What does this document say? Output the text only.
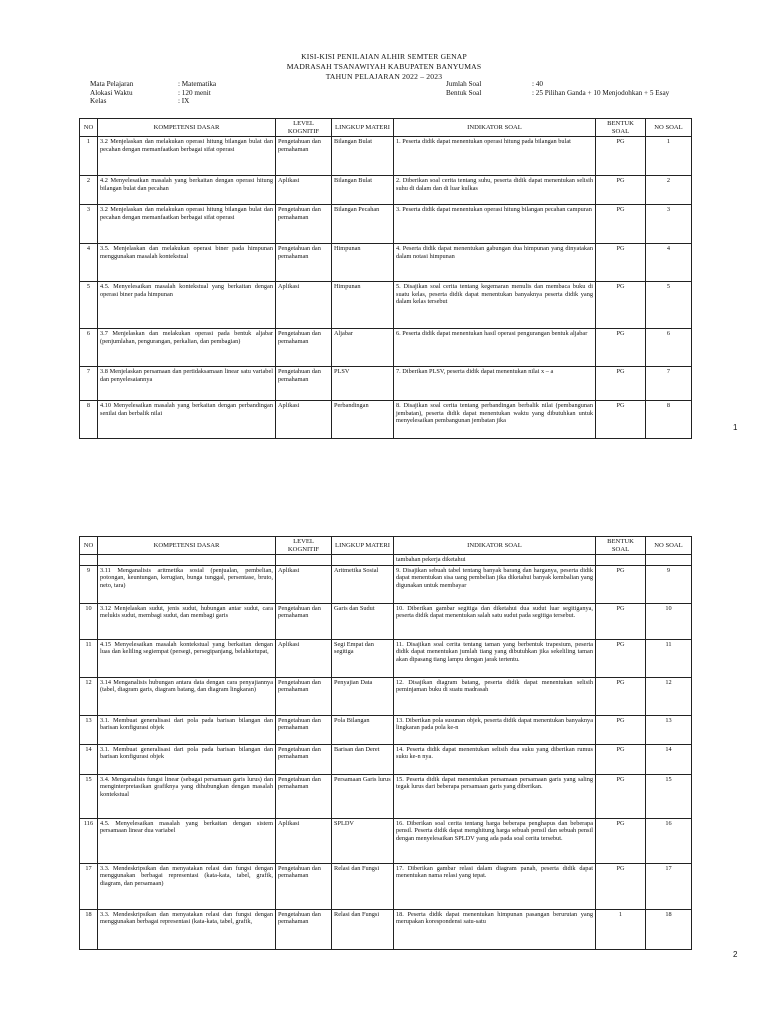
KISI-KISI PENILAIAN ALHIR SEMTER GENAP
MADRASAH TSANAWIYAH KABUPATEN BANYUMAS
TAHUN PELAJARAN 2022 – 2023
Mata Pelajaran	: Matematika
Alokasi Waktu	: 120 menit
Kelas	: IX
Jumlah Soal	: 40
Bentuk Soal	: 25 Pilihan Ganda + 10 Menjodohkan + 5 Esay
NO	KOMPETENSI DASAR	LEVEL KOGNITIF	LINGKUP MATERI	INDIKATOR SOAL	BENTUK SOAL	NO SOAL
1	3.2 Menjelaskan dan melakukan operasi hitung bilangan bulat dan pecahan dengan memanfaatkan berbagai sifat operasi	Pengetahuan dan pemahaman	Bilangan Bulat	1. Peserta didik dapat menentukan operasi hitung pada bilangan bulat	PG	1
2	4.2 Menyelesaikan masalah yang berkaitan dengan operasi hitung bilangan bulat dan pecahan	Aplikasi	Bilangan Bulat	2. Diberikan soal cerita tentang suhu, peserta didik dapat menentukan selisih suhu di dalam dan di luar kulkas	PG	2
3	3.2 Menjelaskan dan melakukan operasi hitung bilangan bulat dan pecahan dengan memanfaatkan berbagai sifat operasi	Pengetahuan dan pemahaman	Bilangan Pecahan	3. Peserta didik dapat menentukan operasi hitung bilangan pecahan campuran	PG	3
4	3.5. Menjelaskan dan melakukan operasi biner pada himpunan menggunakan masalah kontekstual	Pengetahuan dan pemahaman	Himpunan	4. Peserta didik dapat menentukan gabungan dua himpunan yang dinyatakan dalam notasi himpunan	PG	4
5	4.5. Menyelesaikan masalah kontekstual yang berkaitan dengan operasi biner pada himpunan	Aplikasi	Himpunan	5. Disajikan soal cerita tentang kegemaran menulis dan membaca buku di suatu kelas, peserta didik dapat menentukan banyaknya peserta didik yang dalam kelas tersebut	PG	5
6	3.7 Menjelaskan dan melakukan operasi pada bentuk aljabar (penjumlahan, pengurangan, perkalian, dan pembagian)	Pengetahuan dan pemahaman	Aljabar	6. Peserta didik dapat menentukan hasil operasi pengurangan bentuk aljabar	PG	6
7	3.8 Menjelaskan persamaan dan pertidaksamaan linear satu variabel dan penyelesaiannya	Pengetahuan dan pemahaman	PLSV	7. Diberikan PLSV, peserta didik dapat menentukan nilai x – a	PG	7
8	4.10 Menyelesaikan masalah yang berkaitan dengan perbandingan senilai dan berbalik nilai	Aplikasi	Perbandingan	8. Disajikan soal cerita tentang perbandingan berbalik nilai (pembangunan jembatan), peserta didik dapat menentukan waktu yang dibutuhkan untuk menyelesaikan pembangunan jembatan jika	PG	8
1
NO	KOMPETENSI DASAR	LEVEL KOGNITIF	LINGKUP MATERI	INDIKATOR SOAL	BENTUK SOAL	NO SOAL
				tambahan pekerja diketahui		
9	3.11 Menganalisis aritmetika sosial (penjualan, pembelian, potongan, keuntungan, kerugian, bunga tunggal, persentase, bruto, neto, tara)	Aplikasi	Aritmetika Sosial	9. Disajikan sebuah tabel tentang banyak barang dan harganya, peserta didik dapat menentukan sisa uang pembelian jika diketahui banyak kembalian yang digunakan untuk membayar	PG	9
10	3.12 Menjelaskan sudut, jenis sudut, hubungan antar sudut, cara melukis sudut, membagi sudut, dan membagi garis	Pengetahuan dan pemahaman	Garis dan Sudut	10. Diberikan gambar segitiga dan diketahui dua sudut luar segitiganya, peserta didik dapat menentukan salah satu sudut pada segitiga tersebut.	PG	10
11	4.15 Menyelesaikan masalah kontekstual yang berkaitan dengan luas dan keliling segiempat (persegi, persegipanjang, belahketupat,	Aplikasi	Segi Empat dan segitiga	11. Disajikan soal cerita tentang taman yang berbentuk trapesium, peserta didik dapat menentukan jumlah tiang yang dibutuhkan jika sekeliling taman akan dipasang tiang lampu dengan jarak tertentu.	PG	11
12	3.14 Menganalisis hubungan antara data dengan cara penyajiannya (tabel, diagram garis, diagram batang, dan diagram lingkaran)	Pengetahuan dan pemahaman	Penyajian Data	12. Disajikan diagram batang, peserta didik dapat menentukan selisih peminjaman buku di suatu madrasah	PG	12
13	3.1. Membuat generalisasi dari pola pada barisan bilangan dan barisan konfigurasi objek	Pengetahuan dan pemahaman	Pola Bilangan	13. Diberikan pola susunan objek, peserta didik dapat menentukan banyaknya lingkaran pada pola ke-n	PG	13
14	3.1. Membuat generalisasi dari pola pada barisan bilangan dan barisan konfigurasi objek	Pengetahuan dan pemahaman	Barisan dan Deret	14. Peserta didik dapat menentukan selisih dua suku yang diberikan rumus suku ke-n nya.	PG	14
15	3.4. Menganalisis fungsi linear (sebagai persamaan garis lurus) dan menginterpretasikan grafiknya yang dihubungkan dengan masalah kontekstual	Pengetahuan dan pemahaman	Persamaan Garis lurus	15. Peserta didik dapat menentukan persamaan persamaan garis yang saling tegak lurus dari beberapa persamaan garis yang diberikan.	PG	15
116	4.5. Menyelesaikan masalah yang berkaitan dengan sistem persamaan linear dua variabel	Aplikasi	SPLDV	16. Diberikan soal cerita tentang harga beberapa penghapus dan beberapa pensil. Peserta didik dapat menghitung harga sebuah pensil dan sebuah pensil dengan menyelesaikan SPLDV yang ada pada soal cerita tersebut.	PG	16
17	3.3. Mendeskripsikan dan menyatakan relasi dan fungsi dengan menggunakan berbagai representasi (kata-kata, tabel, grafik, diagram, dan persamaan)	Pengetahuan dan pemahaman	Relasi dan Fungsi	17. Diberikan gambar relasi dalam diagram panah, peserta didik dapat menentukan nama relasi yang tepat.	PG	17
18	3.3. Mendeskripsikan dan menyatakan relasi dan fungsi dengan menggunakan berbagai representasi (kata-kata, tabel, grafik,	Pengetahuan dan pemahaman	Relasi dan Fungsi	18. Peserta didik dapat menentukan himpunan pasangan berurutan yang merupakan korespondensi satu-satu	1	18
2
